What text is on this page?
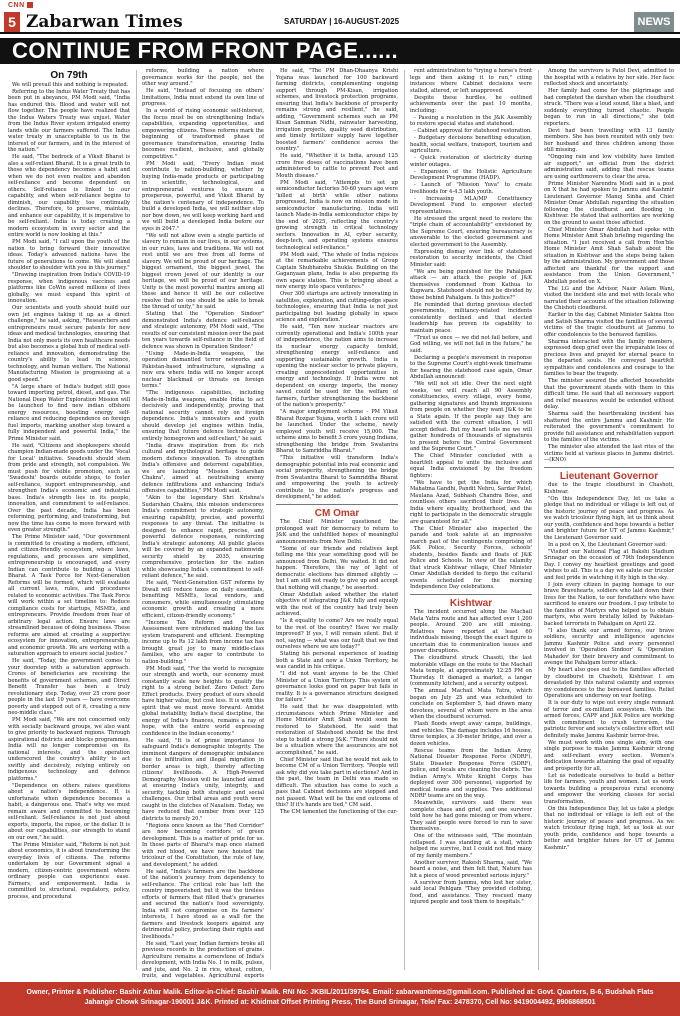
CNN
5 Zabarwan Times	SATURDAY | 16-AUGUST-2025	NEWS
CONTINUE FROM FRONT PAGE......

On 79th

We will prevail this and nothing is repeated.

Referring to the Indus Water Treaty that has been put in abeyance, PM Modi said, "India has endured this. Blood and water will not flow together. The people have realized that the Indus Waters Treaty was unjust. Water from the Indus River system irrigated enemy lands while our farmers suffered. The Indus water treaty in unacceptable to us in the interest of our farmers, and in the interest of the nation."

He said, "The bedrock of a Viksit Bharat is also a self-reliant Bharat. It is a great truth to those who dependency becomes a habit and when we do not even realize and abandon self-reliance and become dependent on others. Self-reliance is linked to our capability, and when self-reliance begins to diminish, our capability too continually declines. Therefore, to preserve, maintain, and enhance our capability, it is imperative to be self-reliant. India is today creating a modern ecosystem in every sector and the entire world is now looking at this."

PM Modi said, "I call upon the youth of the nation to bring forward their innovative ideas. Today's advanced nations have the future of generations to come. We will stand shoulder to shoulder with you in this journey."

"Drawing inspiration from India's COVID-19 response, when indigenous vaccines and platforms like CoWin saved millions of lives globally, we must expand this spirit of innovation.

Our scientists and youth should build our own jet engines taking it up as a direct challenge," he said, asking, "Researchers and entrepreneurs must secure patents for new ideas and medical technologies, ensuring that India not only meets its own healthcare needs but also becomes a global hub of medical self-reliance and innovation, demonstrating the country's ability to lead in science, technology, and human welfare. The National Manufacturing Mission is progressing at a good speed."

"A large share of India's budget still goes toward importing petrol, diesel, and gas. The National Deep Water Exploration Mission will be launched to find new indian offshore energy resources, boosting energy self-reliance and reducing dependence on foreign fuel imports, marking another step toward a fully independent and powerful India," the Prime Minister said.

He said, "Citizens and shopkeepers should champion Indian-made goods under the 'Vocal for Local' initiative. Swadeshi should stem from pride and strength, not compulsion. We must push for visible promotion, such as 'Swadeshi' boards outside shops, to foster self-reliance, support entrepreneurship, and strengthen India's economic and industrial base. India's strength lies in its people, innovation, and commitment to self-reliance. Over the past decade, India has been reforming, performing, and transforming, but now the time has come to move forward with even greater strength."

The Prime Minister said, "Our government is committed to creating a modern, efficient, and citizen-friendly ecosystem, where laws, regulations, and processes are simplified, entrepreneurship is encouraged, and every Indian can contribute to building a Viksit Bharat. A Task Force for Next-Generation Reforms will be formed, which will evaluate all current laws, rules, and procedures related to economic activities. The Task Force will work within a set timeline to: Reduce compliance costs for startups, MSMEs, and entrepreneurs. Provide freedom from fear of arbitrary legal action. Ensure laws are streamlined because of doing business. These reforms are aimed at creating a supportive ecosystem for innovation, entrepreneurship, and economic growth. We are working with a saturation approach to ensure social justice."

He said, "Today, the government comes to your doorstep with a saturation approach. Crores of beneficiaries are receiving the benefits of government schemes, and Direct Benefit Transfer has been a truly revolutionary step. Today, over 25 crore poor people in the last 10 years — have overcome poverty and stepped out of it, creating a new neo-middle class."

PM Modi said, "We are not concerned only with socially backward groups, we also want to give priority to backward regions. Through aspirational districts and blocks programmes, India will no longer compromise on its national interests, and the operation underscored the country's ability to act swiftly and decisively, relying entirely on indigenous technology and defence platforms."

"Dependence on others raises questions about a nation's independence. It is unfortunate when dependence becomes a habit, a dangerous one. That's why we must remain aware and committed to becoming self-reliant. Self-reliance is not just about exports, imports, the rupee, or the dollar. It is about our capabilities, our strength to stand on our own," he said.

The Prime Minister said, "Reform is not just about economics, it is about transforming the everyday lives of citizens. The reforms undertaken by our Government signal a modern, citizen-centric government where ordinary people can experience ease. Farmers, and empowerment. India is committed to structural, regulatory, policy, process, and procedural

reforms, building a nation where governance works for the people, not the other way around."

He said, "Instead of focusing on others' limitations, India must extend its own line of progress.

In a world of rising economic self-interest, the focus must be on strengthening India's capabilities, expanding opportunities, and empowering citizens. These reforms mark the beginning of transformed phase of governance transformation, ensuring India becomes resilient, inclusive, and globally competitive."

PM Modi said, "Every Indian must contribute to nation-building, whether by buying India-made products or participating in scientific, technological, and entrepreneurial ventures to ensure a prosperous, powerful, and Viksit Bharat by the nation's centenary of independence. To build a developed India, we will neither stop nor bow down, we will keep working hard and we will build a developed India before our eyes in 2047."

"We will not allow even a single particle of slavery to remain in our lives, in our systems, in our rules, laws and traditions. We will not rest until we are free from all forms of slavery. We will be proud of our heritage. The biggest ornament, the biggest jewel, the biggest crown jewel of our identity is our heritage, we will be proud of our heritage. Unity is the most powerful mantra among all these and hence it will be our collective resolve that no one should be able to break the thread of unity," he said.

Stating that the "Operation Sindoor" demonstrated India's defence self-reliance and strategic autonomy, PM Modi said, "The results of our consistent mission over the past ten years towards self-reliance in the field of defence was shown in Operation Sindoor."

"Using Made-in-India weapons, the operation dismantled terror networks and Pakistan-based infrastructure, signaling a new era where India will no longer accept nuclear blackmail or threats on foreign terms."

"The indigenous capabilities, including Made-in-India weapons, enable India to act decisively and independently, proving that national security cannot rely on foreign dependence. India's innovators and youth should develop jet engines within India, ensuring that future defence technology is entirely homegrown and self-reliant," he said.

"India draws inspiration from its rich cultural and mythological heritage to guide modern defence innovation. To strengthen India's offensive and deterrent capabilities, we are launching "Mission Sudarshan Chakra", aimed at neutralising enemy defence infiltrations and enhancing India's offensive capabilities," PM Modi said.

"Akin to the legendary Shri Krishna's Sudarshan Chakra, this mission underscores India's commitment to strategic autonomy, ensuring capability, precise, and powerful responses to any threat. The initiative is designed to enhance rapid, precise, and powerful defence responses, reinforcing India's strategic autonomy. All public places will be covered by an expanded nationwide security shield by 2035, ensuring comprehensive protection for the nation while showcasing India's commitment to self-reliant defence," he said.

He said, "Next-Generation GST reforms by Diwali will reduce taxes on daily essentials, benefiting MSMEs, local vendors, and consumers, while simultaneously stimulating economic growth and creating a more efficient, citizen-friendly economy."

"Income Tax Reform and Faceless Assessment were introduced making the tax system transparent and efficient. Exempting income up to Rs 12 lakh from income tax has brought great joy to many middle-class families, who are eager to contribute to nation-building."

PM Modi said, "For the world to recognize our strength and worth, our economy must constantly scale new heights to qualify the right to a strong belief. Zero Defect Zero Effect products. Every product of ours should have higher value, but cost less. It is with this spirit that we must move forward. Amidst global instability, India's fiscal discipline, the energy of India's finances, remains a ray of hope, with the entire world expressing confidence in the Indian economy."

He said, "It is of prime importance to safeguard India's demographic integrity. The imminent dangers of demographic imbalance due to infiltration and illegal migration in border areas is high, thereby affecting citizens' livelihoods. A High-Powered Demography Mission will be launched aimed at ensuring India's unity, integrity, and security, tackling both strategic and social challenges. Our tribal areas and youth were caught in the clutches of Naxalism. Today, we have reduced that number from over 125 districts to merely 20."

"Regions once known as the "Red Corridor" are now becoming corridors of green development. This is a matter of pride for us. In those parts of Bharat's map once stained with red blood, we have now hoisted the tricolour of the Constitution, the rule of law, and development," he added.

He said, "India's farmers are the backbone of the nation's journey from dependency to self-reliance. The critical role has left the country impoverished, but it was the tireless efforts of farmers that filled that's granaries and secured the nation's food sovereignty. India will not compromise on its farmers' interests, I have stood as a wall for the farmers and livestock keepers against any detrimental policy, protecting their rights and livelihoods."

He said, "Last year, Indian farmers broke all previous records in the production of grains. Agriculture remains a cornerstone of India's development, with India No. 1 in milk, pulses, and jute, and No. 2 in rice, wheat, cotton, fruits, and vegetables. Agricultural exports

He said, "The PM Dhan-Dhaanya Krishi Yojana was launched for 100 backward farming districts, complementing ongoing support through PM-Kisan, irrigation schemes, and livestock protection programs, ensuring that India's backbone of prosperity remains strong and resilient," he said, adding, "Government schemes such as PM Kisan Samman Nidhi, rainwater harvesting, irrigation projects, quality seed distribution, and timely fertilizer supply have together boosted farmers' confidence across the country."

He said, "Whether it is India, around 125 crore free doses of vaccinations have been administered to cattle to prevent Foot and Mouth disease."

PM Modi said, "Attempts to set up semiconductor factories 50-60 years ago were 'killed at birth' while other nations progressed, India is now on mission mode in semiconductor manufacturing. India will launch Made-in-India semiconductor chips by the end of 2025, reflecting the country's growing strength in critical technology sectors. Innovation in AI, cyber security, deep-tech, and operating systems ensures technological self-reliance."

PM Modi said, "The whole of India rejoices at the remarkable achievements of Group Captain Shubhanshu Shukla. Building on the Gaganyaan plans, India is also preparing its own space station. This is bringing about a new energy into space ventures."

Over 300 startups are actively innovating in satellites, exploration, and cutting-edge space technologies, ensuring that India is not just participating but leading globally in space science and exploration."

He said, "Ten new nuclear reactors are currently operational and India's 100th year of independence, the nation aims to increase its nuclear energy capacity tenfold, strengthening energy self-reliance and supporting sustainable growth. India is opening the nuclear sector to private players, creating unprecedented opportunities in energy and technology. If India were not dependent on energy imports, the money saved could be used for the welfare of farmers, further strengthening the backbone of the nation's prosperity."

"A major employment scheme - PM Viksit Bharat Rozgar Yojana, worth 1 lakh crore will be launched. Under the scheme, newly employed youth will receive 15,000. The scheme aims to benefit 3 crore young Indians, strengthening the bridge from Swatantra Bharat to Samriddha Bharat."

"This initiative will transform India's demographic potential into real economic and social prosperity, strengthening the bridge from Swatantra Bharat to Samriddha Bharat and empowering the youth to actively contribute to the nation's progress and development," he added.

CM Omar

The Chief Minister questioned the prolonged wait for democracy to return to J&K and the unfulfilled hopes of meaningful announcements from New Delhi.

"Some of our friends and relatives kept telling me this year something good will be announced from Delhi. We waited. It did not happen. Therefore, the ray of light of democratic elections has dimmed slightly — but I am still not ready to give up and accept that nothing will change," he asserted.

Omar Abdullah asked whether the stated objective of integrating J&K fully and equally with the rest of the country had truly been achieved.

"Is it equality to come? Are we really equal to the rest of the country? Have we really improved? If yes, I will remain silent. But if not, saying — what was our fault that we find ourselves where we are today?"

Stating his personal experience of leading both a State and now a Union Territory, he was candid in his critique.

"I did not want anyone to be the Chief Minister of a Union Territory. This system of governance looks good on paper but fails in reality. It is a governance structure designed for failure."

He said that he was disappointed with circumstances which Prime Minister and Home Minister Amit Shah would soon be restored to Statehood. He said that restoration of Statehood should be the first step to build a strong J&K. "There should not be a situation where the assurances are not accomplished," he said.

Chief Minister said that he would not ask to become CM of a Union Territory. "People will ask why did you take part in elections? And in the past, the team in Delhi was made so difficult. The situation has come to such a pass that Cabinet decisions are stopped and not passed. What will be the end outcome of this? If it's hands are tied," CM said.

The CM lamented the functioning of the cur-

rent administration to "trying a horse's front legs and then asking it to run," citing instances where Cabinet decisions were stalled, altered, or left unapproved.

Despite these hurdles, he outlined achievements over the past 10 months, including:

- Passing a resolution in the J&K Assembly to restore special status and statehood.

- Cabinet approval for statehood restoration.

- Budgetary decisions benefiting education, health, social welfare, transport, tourism and agriculture.

- Quick restoration of electricity during winter outages.

- Expansion of the Holistic Agriculture Development Programme (HADP).

- Launch of "Mission Yuva" to create livelihoods for 4-4.5 lakh youth.

- Increasing MLA/MP Constituency Development Fund to empower elected representatives.

He stressed the urgent need to restore the "triple chain of accountability" envisioned by the Supreme Court, ensuring bureaucracy is answerable to the elected government and elected government to the Assembly.

Expressing dismay over link of statehood restoration to security incidents, the Chief Minister said:

"We are being punished for the Pahalgam attack — an attack the people of J&K themselves condemned from Kathua to Kupwara. Statehood should not be divided by those behind Pahalgam. Is this justice?"

He reminded that during previous elected governments, militancy-related incidents consistently declined and that elected leadership has proven its capability to maintain peace.

"Trust us once — we did not fail before, and God willing, we will not fail in the future," he said.

Declaring a people's movement in response to the Supreme Court's eight-week timeframe for hearing the statehood case again, Omar Abdullah announced:

"We will not sit idle. Over the next eight weeks, we will reach all 90 Assembly constituencies, every village, every home, gathering signatures and thumb impressions from people on whether they want J&K to be a State again. If the people say they are satisfied with the current situation, I will accept defeat. But my heart tells me we will gather hundreds of thousands of signatures to present before the Central Government and the Supreme Court."

The Chief Minister concluded with a heartfelt appeal to unite the inclusive and equal India envisioned by the freedom fighters:

"We have to get the India for which Mahatma Gandhi, Pandit Nehru, Sardar Patel, Maulana Azad, Subhash Chandra Bose, and countless others sacrificed their lives. An India where equality, brotherhood, and the right to participate in the democratic struggle are guaranteed for all."

The Chief Minister also inspected the parade and took salute at an impressive march past of the contingents comprising of J&K Police, Security Forces, schools' students, besides Bands and floats of J&K Police and Schools. In view of the calamity that struck Kishtwar village, Chief Minister Omar Abdullah decided to forgo the cultural events scheduled for the morning Independence Day celebrations.

Kishtwar

The incident occurred along the Machail Mata Yatra route and has affected over 1,200 people. Around 200 are still missing. Relatives have reported at least 60 individuals missing, though the exact figure is uncertain due to communication issues and power disruptions.

The cloudburst struck Chasoti, the last motorable village on the route to the Machail Mata temple, at approximately 12:25 PM on Thursday. It damaged a market, a langar (community kitchen), and a security outpost.

The annual Machail Mata Yatra, which began on July 25 and was scheduled to conclude on September 5, had drawn many devotees, several of whom were in the area when the cloudburst occurred.

Flash floods swept away camps, buildings, and vehicles. The damage includes 16 houses, three temples, a 30-meter bridge, and over a dozen vehicles.

Rescue teams from the Indian Army, National Disaster Response Force (NDRF), State Disaster Response Force (SDRF), police, and locals are cleaning the debris. The Indian Army's White Knight Corps has deployed over 300 personnel, supported by medical teams and supplies. Two additional NDRF teams are on the way.

Meanwhile, survivors said there was complete chaos and grief, and one survivor told how he had gone missing or from where. They said people were forced to run to save themselves.

One of the witnesses said, "The mountain collapsed. I was standing at a stall, which helped me survive, but I could not find many of my family members."

Another survivor, Rakesh Sharma, said, "We heard a noise, and then felt that, Nature has hit a piece of wood prevented serious injury."

A survivor from Jammu, who lost her sister, said local Pehlgam "They provided clothing, food, and assistance. They rescued many injured people and took them to hospitals."

Among the survivors is Patol Devi, admitted to the hospital with a relative by her side. Her face reflected shock and uncertainty.

Her family had come for the pilgrimage and had completed the darshan when the cloudburst struck. "There was a loud sound, like a blast, and suddenly everything turned chaotic. People began to run in all directions," she told reporters.

Devi had been travelling with 13 family members. She has been reunited with only two: her husband and three children among those still missing.

"Ongoing rain and low visibility have limited air support," an official from the district administration said, adding that rescue teams are using earthmovers to clear the area.

Prime Minister Narendra Modi said in a post on X that he had spoken to Jammu and Kashmir Lieutenant Governor Manoj Sinha and Chief Minister Omar Abdullah regarding the situation following the cloudburst and flooding in Kishtwar. He stated that authorities are working on the ground to assist those affected.

Chief Minister Omar Abdullah had spoke with Home Minister Amit Shah briefing regarding the situation. "I just received a call from Hon'ble Home Minister Amit Shah Sahab about the situation in Kishtwar and the steps being taken by the administration. My government and those affected are thankful for the support and assistance from the Union Government," Abdullah posted on X.

The LG and the Advisor, Nasir Aslam Wani, visited the incident site and met with locals who narrated their accounts of the situation following the Chishoti cloudburst.

Earlier in the day, Cabinet Minister Sakina Itoo and Satish Sharma visited the families of several victims of the tragic cloudburst at Jammu to offer condolences to the bereaved families.

Sharma interacted with the family members, expressed deep grief over the irreparable loss of precious lives and prayed for eternal peace to the departed souls. He conveyed heartfelt sympathies and condolences and courage to the families to bear the tragedy.

The minister assured the affected households that the government stands with them in this difficult time. He said that all necessary support and relief measures would be extended without delay.

Sharma said the heartbreaking incident has shattered the entire Jammu and Kashmir. He reiterated the government's commitment to provide full assistance and rehabilitation support to the families of the victims.

The minister also attended the last rites of the victims held at various places in Jammu district.—(KNO)

Lieutenant Governor

due to the tragic cloudburst in Chashoti, Kishtwar.

"On this Independence Day, let us take a pledge that no individual or village is left out of the historic journey of peace and progress. As we watch tricolour flying high, let us think about our youth, confidence and hope towards a better and brighter future for UT of Jammu Kashmir," the Lieutenant Governor said.

In a post on X, the Lieutenant Governor said:

"Visited our National Flag at Bakshi Stadium Srinagar on the occasion of 79th Independence Day. I convey my heartiest greetings and good wishes to all. This is a day we salute our tricolor and feel pride in watching it fly high in the sky.

I join every citizen in paying homage to our brave Bravehearts, soldiers who laid down their lives for the Nation, to our forefathers who have sacrificed to ensure our freedom. I pay tribute to the families of Martyrs who helped us to obtain martyrs, who were brutally killed by Pakistan-backed terrorists in Pahalgam on April 22.

"I also thank our armed forces, our brave soldiers, security and intelligence agencies Jammu Kashmir Police and every personnel involved in 'Operation Sindoor' & 'Operation Mahadev' for their bravery and commitment to avenge the Pahalgam terror attack.

My heart also goes out to the families affected by cloudburst in Chashoti, Kishtwar. I am devastated by this natural calamity and express my condolences to the bereaved families. Relief Operations are underway on war footing.

It is our duty to wipe out every single remnant of terror and ex-militant ecosystem. With the armed forces, CAPF and J&K Police are working with commitment to crush terrorism, the patriotic fervor and society's collective effort will definitely make Jammu Kashmir terror-free.

We must work with one single aim, with one single purpose to make Jammu Kashmir strong and self-reliant every section. Women's dedication towards attaining the goal of equality and prosperity for all.

Let us rededicate ourselves to build a better life for farmers, youth and women. Let us work towards building a prosperous rural economy and empower the working classes for social transformation.

On this Independence Day, let us take a pledge that no individual or village is left out of the historic journey of peace and progress. As we watch tricolour flying high, let us look at our youth pride, confidence and hope towards a better and brighter future for UT of Jammu Kashmir."

Owner, Printer & Publisher: Bashir Athar Malik. Editor-in-Chief: Bashir Malik. RNI No: JKBIL/2011/39764. Email: zabarwantimes@gmail.com. Published at: Govt. Quarters, B-6, Budshah Flats
Jahangir Chowk Srinagar-190001 J&K. Printed at: Khidmat Offset Printing Press, The Bund Srinagar, Tele/ Fax: 2478370, Cell No: 9419004492, 9906868501
